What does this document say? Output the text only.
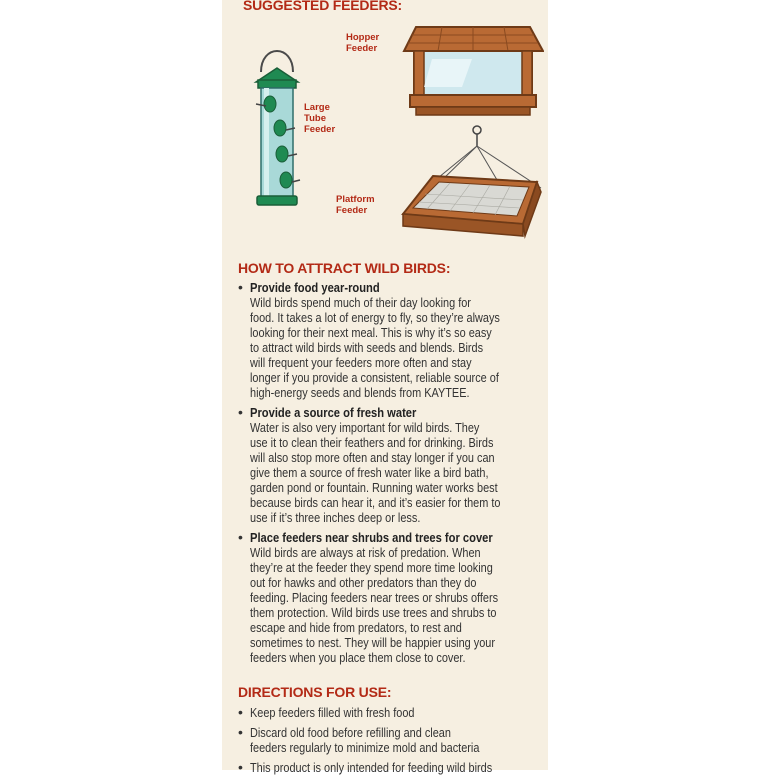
SUGGESTED FEEDERS:
Large
Tube
Feeder
Hopper
Feeder
Platform
Feeder
HOW TO ATTRACT WILD BIRDS:
• Provide food year-round
Wild birds spend much of their day looking for
food. It takes a lot of energy to fly, so they’re always
looking for their next meal. This is why it’s so easy
to attract wild birds with seeds and blends. Birds
will frequent your feeders more often and stay
longer if you provide a consistent, reliable source of
high-energy seeds and blends from KAYTEE.
• Provide a source of fresh water
Water is also very important for wild birds. They
use it to clean their feathers and for drinking. Birds
will also stop more often and stay longer if you can
give them a source of fresh water like a bird bath,
garden pond or fountain. Running water works best
because birds can hear it, and it’s easier for them to
use if it’s three inches deep or less.
• Place feeders near shrubs and trees for cover
Wild birds are always at risk of predation. When
they’re at the feeder they spend more time looking
out for hawks and other predators than they do
feeding. Placing feeders near trees or shrubs offers
them protection. Wild birds use trees and shrubs to
escape and hide from predators, to rest and
sometimes to nest. They will be happier using your
feeders when you place them close to cover.
DIRECTIONS FOR USE:
• Keep feeders filled with fresh food
• Discard old food before refilling and clean
feeders regularly to minimize mold and bacteria
• This product is only intended for feeding wild birds
